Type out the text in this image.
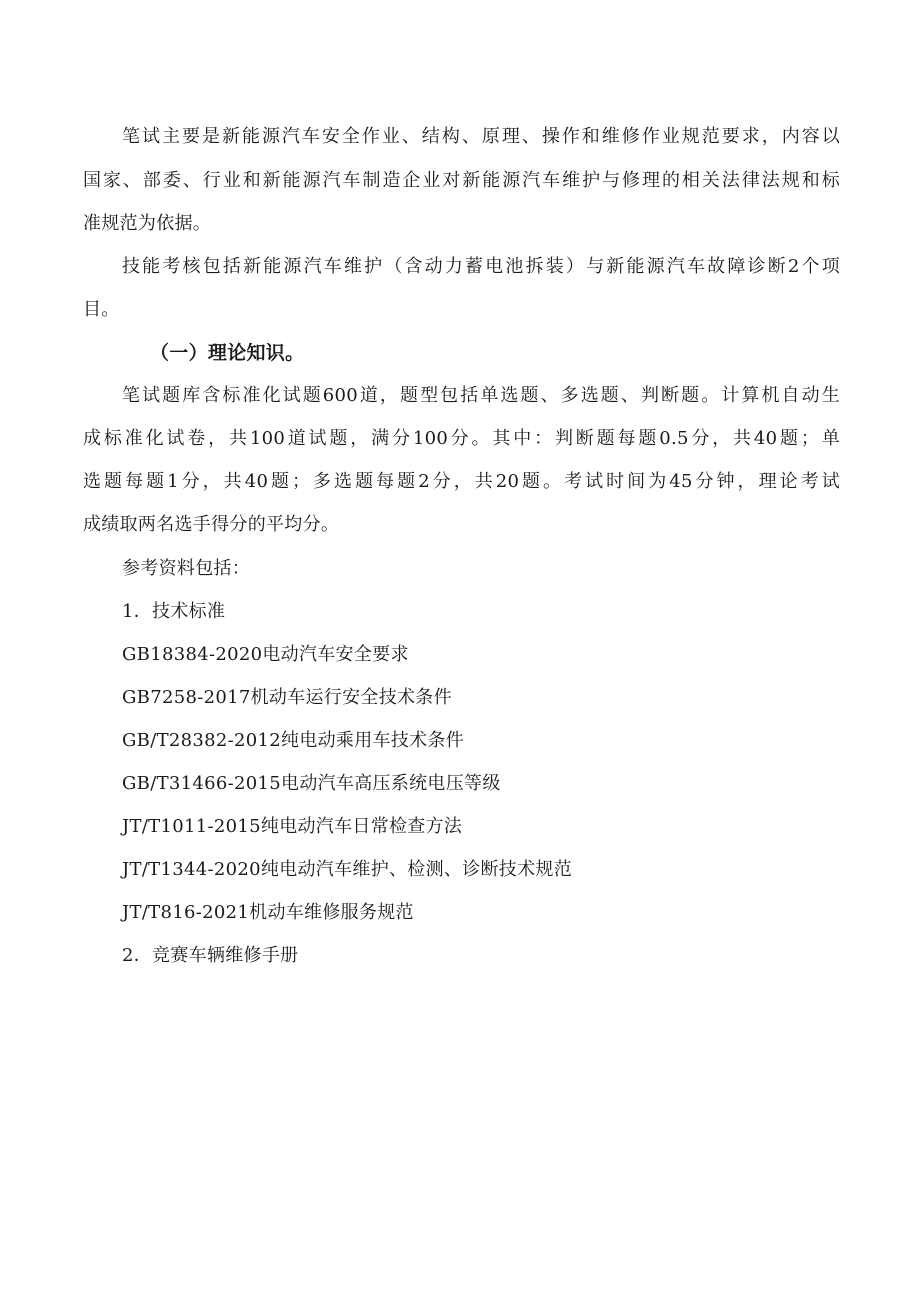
笔试主要是新能源汽车安全作业、结构、原理、操作和维修作业规范要求，内容以
国家、部委、行业和新能源汽车制造企业对新能源汽车维护与修理的相关法律法规和标
准规范为依据。
技能考核包括新能源汽车维护（含动力蓄电池拆装）与新能源汽车故障诊断2个项
目。
（一）理论知识。
笔试题库含标准化试题600道，题型包括单选题、多选题、判断题。计算机自动生
成标准化试卷，共100道试题，满分100分。其中：判断题每题0.5分，共40题；单
选题每题1分，共40题；多选题每题2分，共20题。考试时间为45分钟，理论考试
成绩取两名选手得分的平均分。
参考资料包括：
1．技术标准
GB18384-2020电动汽车安全要求
GB7258-2017机动车运行安全技术条件
GB/T28382-2012纯电动乘用车技术条件
GB/T31466-2015电动汽车高压系统电压等级
JT/T1011-2015纯电动汽车日常检查方法
JT/T1344-2020纯电动汽车维护、检测、诊断技术规范
JT/T816-2021机动车维修服务规范
2．竞赛车辆维修手册
